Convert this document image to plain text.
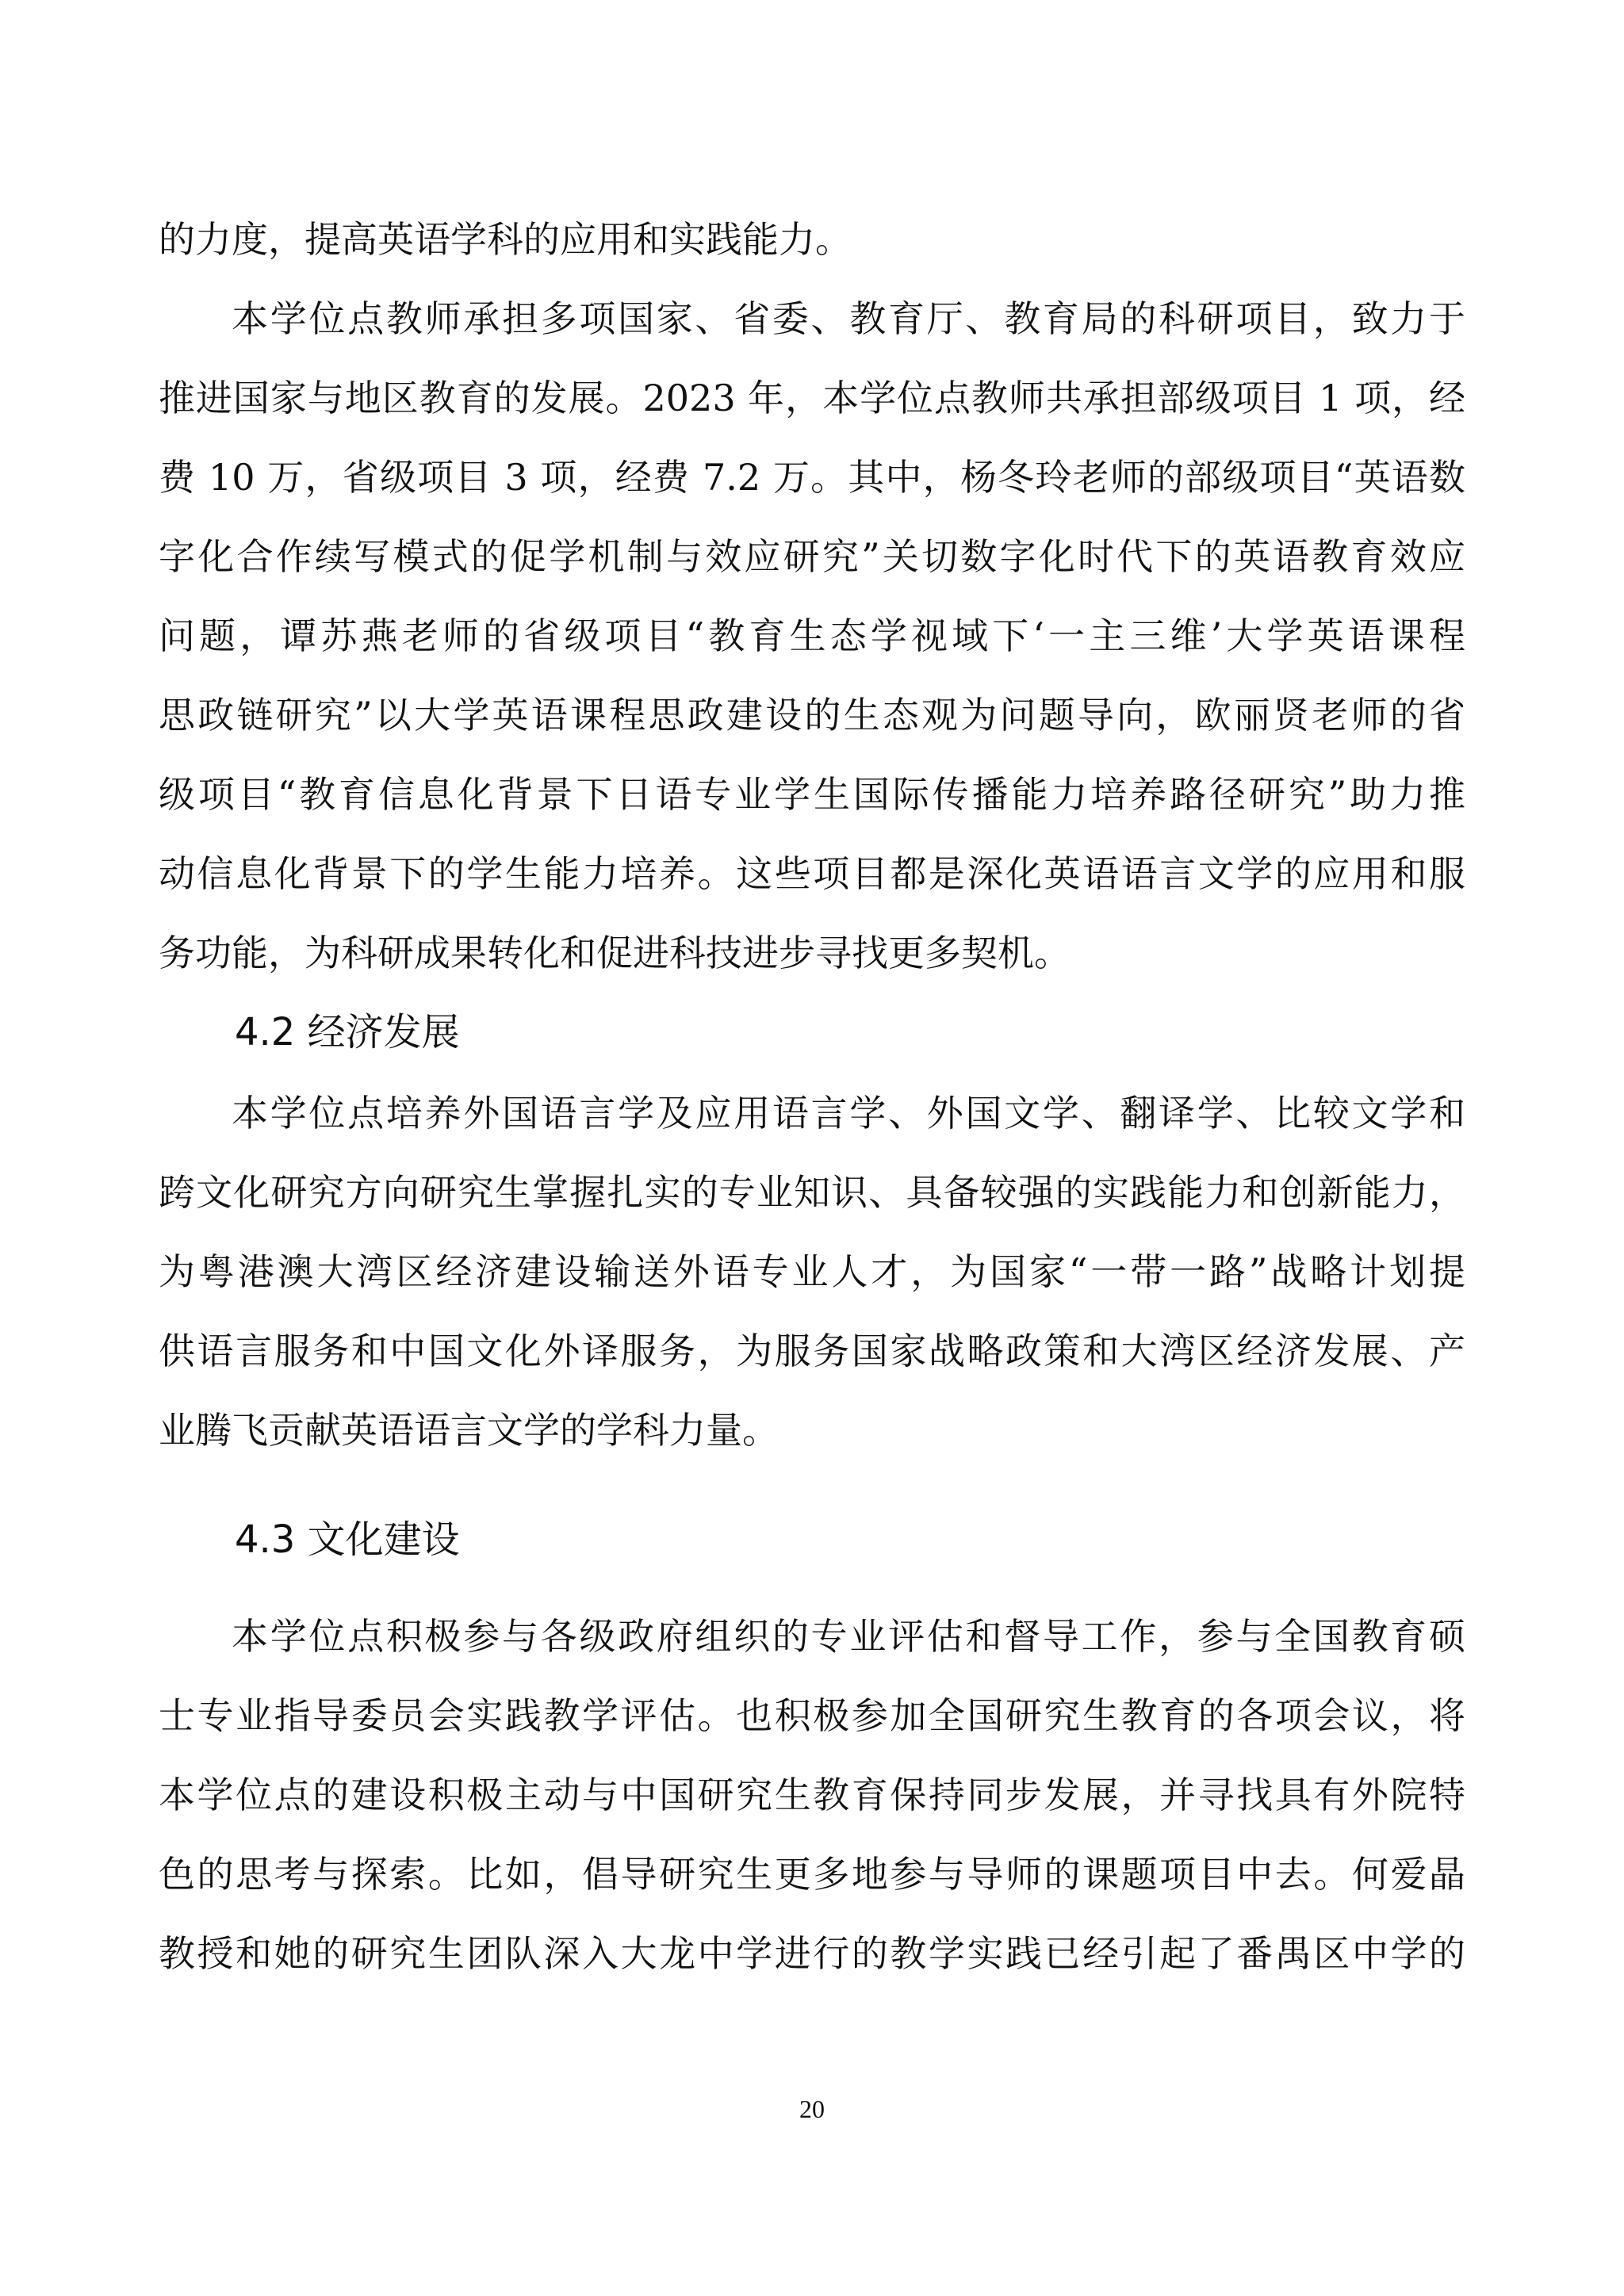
的力度，提高英语学科的应用和实践能力。

本学位点教师承担多项国家、省委、教育厅、教育局的科研项目，致力于

推进国家与地区教育的发展。2023 年，本学位点教师共承担部级项目 1 项，经

费 10 万，省级项目 3 项，经费 7.2 万。其中，杨冬玲老师的部级项目“英语数

字化合作续写模式的促学机制与效应研究”关切数字化时代下的英语教育效应

问题，谭苏燕老师的省级项目“教育生态学视域下‘一主三维’大学英语课程

思政链研究”以大学英语课程思政建设的生态观为问题导向，欧丽贤老师的省

级项目“教育信息化背景下日语专业学生国际传播能力培养路径研究”助力推

动信息化背景下的学生能力培养。这些项目都是深化英语语言文学的应用和服

务功能，为科研成果转化和促进科技进步寻找更多契机。

4.2 经济发展

本学位点培养外国语言学及应用语言学、外国文学、翻译学、比较文学和

跨文化研究方向研究生掌握扎实的专业知识、具备较强的实践能力和创新能力，

为粤港澳大湾区经济建设输送外语专业人才，为国家“一带一路”战略计划提

供语言服务和中国文化外译服务，为服务国家战略政策和大湾区经济发展、产

业腾飞贡献英语语言文学的学科力量。

4.3 文化建设

本学位点积极参与各级政府组织的专业评估和督导工作，参与全国教育硕

士专业指导委员会实践教学评估。也积极参加全国研究生教育的各项会议，将

本学位点的建设积极主动与中国研究生教育保持同步发展，并寻找具有外院特

色的思考与探索。比如，倡导研究生更多地参与导师的课题项目中去。何爱晶

教授和她的研究生团队深入大龙中学进行的教学实践已经引起了番禺区中学的

20
